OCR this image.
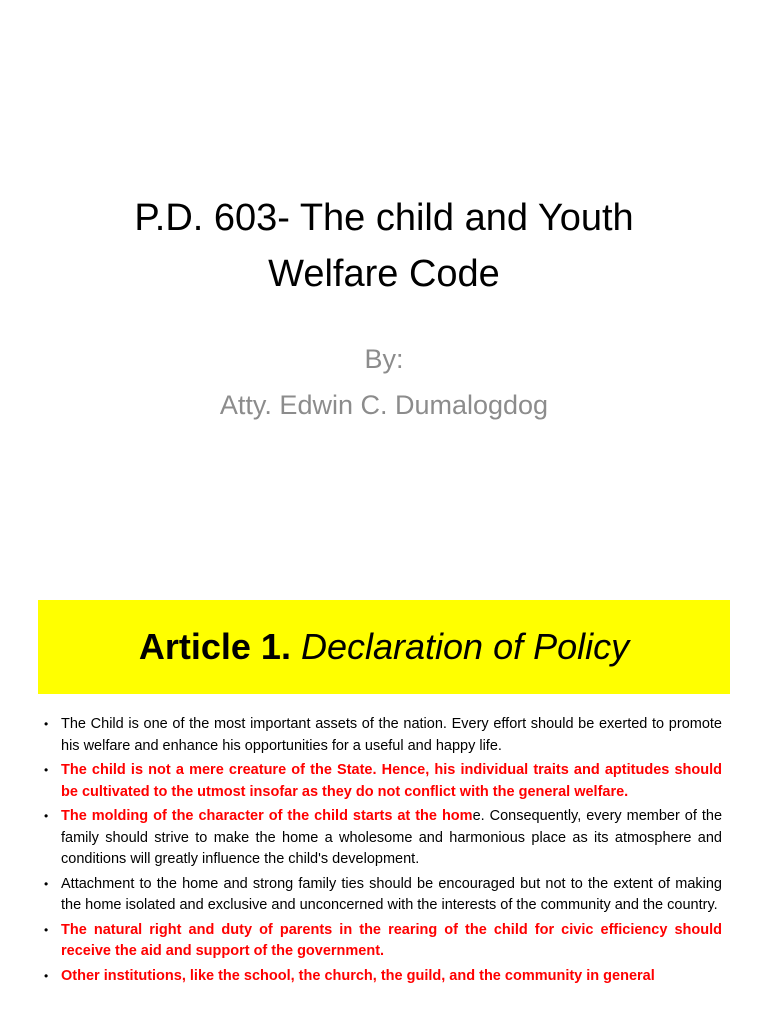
P.D. 603- The child and Youth
Welfare Code
By:
Atty. Edwin C. Dumalogdog
Article 1. Declaration of Policy
• The Child is one of the most important assets of the nation. Every effort should be exerted to promote his welfare and enhance his opportunities for a useful and happy life.
• The child is not a mere creature of the State. Hence, his individual traits and aptitudes should be cultivated to the utmost insofar as they do not conflict with the general welfare.
• The molding of the character of the child starts at the home. Consequently, every member of the family should strive to make the home a wholesome and harmonious place as its atmosphere and conditions will greatly influence the child's development.
• Attachment to the home and strong family ties should be encouraged but not to the extent of making the home isolated and exclusive and unconcerned with the interests of the community and the country.
• The natural right and duty of parents in the rearing of the child for civic efficiency should receive the aid and support of the government.
• Other institutions, like the school, the church, the guild, and the community in general
